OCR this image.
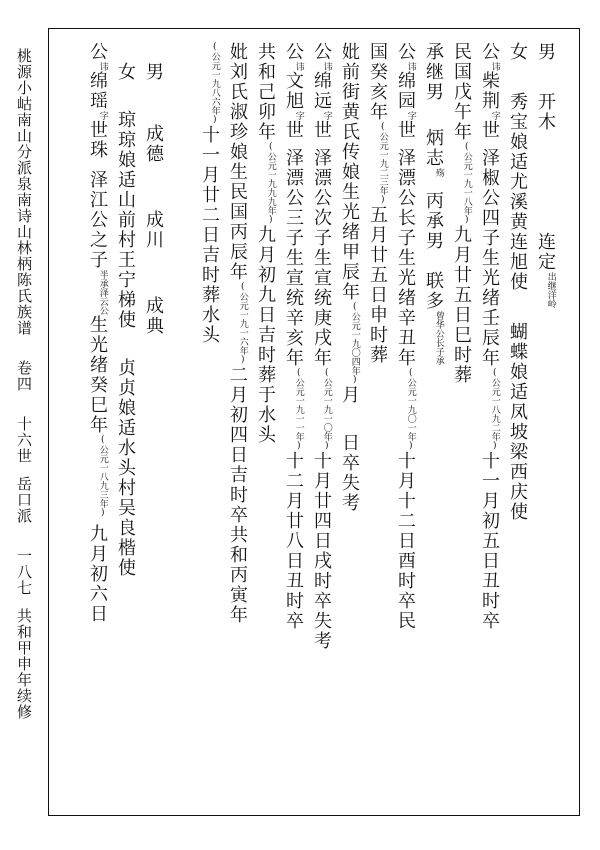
桃源小岵南山分派泉南诗山林柄陈氏族谱卷四十六世岳口派一八七共和甲申年续修
男开木连定出继洋岭
女秀宝娘适尤溪黄连旭使蝴蝶娘适凤坡梁西庆使
公讳柴荆字世泽椒公四子生光绪壬辰年(公元一八九二年)十一月初五日丑时卒
民国戊午年(公元一九一八年)九月廿五日巳时葬
承继男炳志殇丙承男联多曾华公长子承
公讳绵园字世泽漂公长子生光绪辛丑年(公元一九〇一年)十月十二日酉时卒民
国癸亥年(公元一九二三年)五月廿五日申时葬
妣前街黄氏传娘生光绪甲辰年(公元一九〇四年)月日卒失考
公讳绵远字世泽漂公次子生宣统庚戌年(公元一九一〇年)十月廿四日戌时卒失考
公讳文旭字世泽漂公三子生宣统辛亥年(公元一九一一年)十二月廿八日丑时卒
共和己卯年(公元一九九九年)九月初九日吉时葬于水头
妣刘氏淑珍娘生民国丙辰年(公元一九一六年)二月初四日吉时卒共和丙寅年
(公元一九八六年)十一月廿二日吉时葬水头
男成德成川成典
女琼琼娘适山前村王宁梯使贞贞娘适水头村吴良楷使
公讳绵瑶字世珠泽江公之子半承泽云公生光绪癸巳年(公元一八九三年)九月初六日
